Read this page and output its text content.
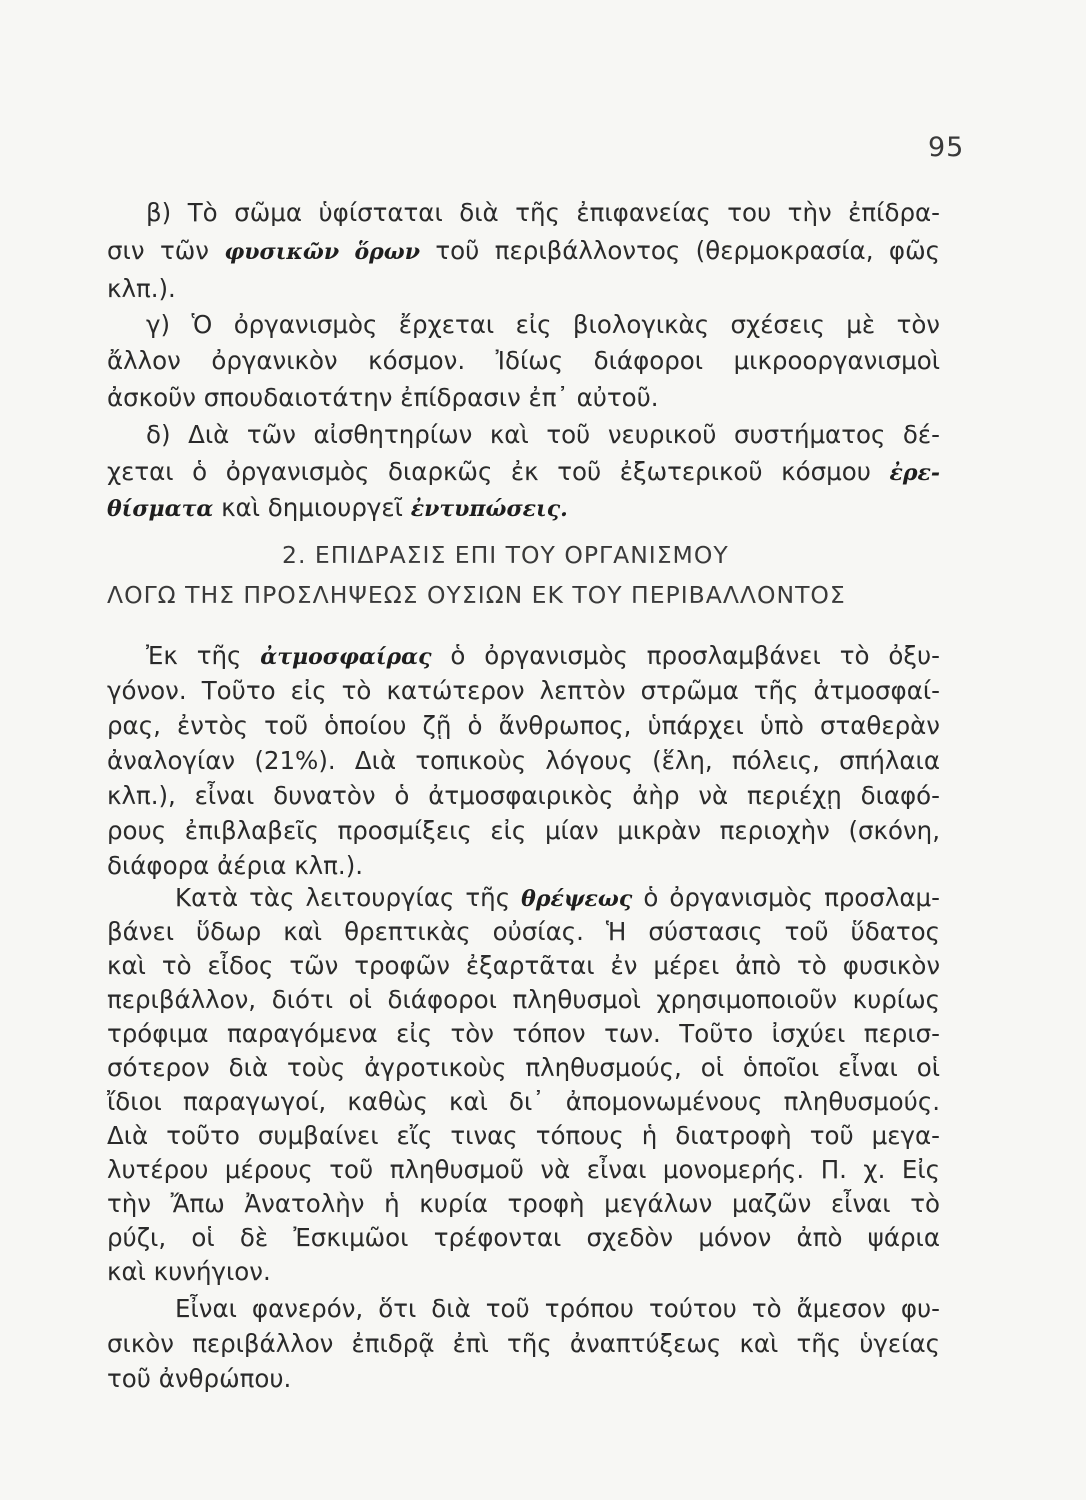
95
β) Τὸ σῶμα ὑφίσταται διὰ τῆς ἐπιφανείας του τὴν ἐπίδρα-
σιν τῶν φυσικῶν ὅρων τοῦ περιβάλλοντος (θερμοκρασία, φῶς
κλπ.).
γ) Ὁ ὀργανισμὸς ἔρχεται εἰς βιολογικὰς σχέσεις μὲ τὸν
ἄλλον ὀργανικὸν κόσμον. Ἰδίως διάφοροι μικροοργανισμοὶ
ἀσκοῦν σπουδαιοτάτην ἐπίδρασιν ἐπ᾽ αὐτοῦ.
δ) Διὰ τῶν αἰσθητηρίων καὶ τοῦ νευρικοῦ συστήματος δέ-
χεται ὁ ὀργανισμὸς διαρκῶς ἐκ τοῦ ἐξωτερικοῦ κόσμου ἐρε-
θίσματα καὶ δημιουργεῖ ἐντυπώσεις.
2. ΕΠΙΔΡΑΣΙΣ ΕΠΙ ΤΟΥ ΟΡΓΑΝΙΣΜΟΥ
ΛΟΓΩ ΤΗΣ ΠΡΟΣΛΗΨΕΩΣ ΟΥΣΙΩΝ ΕΚ ΤΟΥ ΠΕΡΙΒΑΛΛΟΝΤΟΣ
Ἐκ τῆς ἀτμοσφαίρας ὁ ὀργανισμὸς προσλαμβάνει τὸ ὀξυ-
γόνον. Τοῦτο εἰς τὸ κατώτερον λεπτὸν στρῶμα τῆς ἀτμοσφαί-
ρας, ἐντὸς τοῦ ὁποίου ζῇ ὁ ἄνθρωπος, ὑπάρχει ὑπὸ σταθερὰν
ἀναλογίαν (21%). Διὰ τοπικοὺς λόγους (ἕλη, πόλεις, σπήλαια
κλπ.), εἶναι δυνατὸν ὁ ἀτμοσφαιρικὸς ἀὴρ νὰ περιέχῃ διαφό-
ρους ἐπιβλαβεῖς προσμίξεις εἰς μίαν μικρὰν περιοχὴν (σκόνη,
διάφορα ἀέρια κλπ.).
Κατὰ τὰς λειτουργίας τῆς θρέψεως ὁ ὀργανισμὸς προσλαμ-
βάνει ὕδωρ καὶ θρεπτικὰς οὐσίας. Ἡ σύστασις τοῦ ὕδατος
καὶ τὸ εἶδος τῶν τροφῶν ἐξαρτᾶται ἐν μέρει ἀπὸ τὸ φυσικὸν
περιβάλλον, διότι οἱ διάφοροι πληθυσμοὶ χρησιμοποιοῦν κυρίως
τρόφιμα παραγόμενα εἰς τὸν τόπον των. Τοῦτο ἰσχύει περισ-
σότερον διὰ τοὺς ἀγροτικοὺς πληθυσμούς, οἱ ὁποῖοι εἶναι οἱ
ἴδιοι παραγωγοί, καθὼς καὶ δι᾽ ἀπομονωμένους πληθυσμούς.
Διὰ τοῦτο συμβαίνει εἴς τινας τόπους ἡ διατροφὴ τοῦ μεγα-
λυτέρου μέρους τοῦ πληθυσμοῦ νὰ εἶναι μονομερής. Π. χ. Εἰς
τὴν Ἄπω Ἀνατολὴν ἡ κυρία τροφὴ μεγάλων μαζῶν εἶναι τὸ
ρύζι, οἱ δὲ Ἐσκιμῶοι τρέφονται σχεδὸν μόνον ἀπὸ ψάρια
καὶ κυνήγιον.
Εἶναι φανερόν, ὅτι διὰ τοῦ τρόπου τούτου τὸ ἄμεσον φυ-
σικὸν περιβάλλον ἐπιδρᾷ ἐπὶ τῆς ἀναπτύξεως καὶ τῆς ὑγείας
τοῦ ἀνθρώπου.
